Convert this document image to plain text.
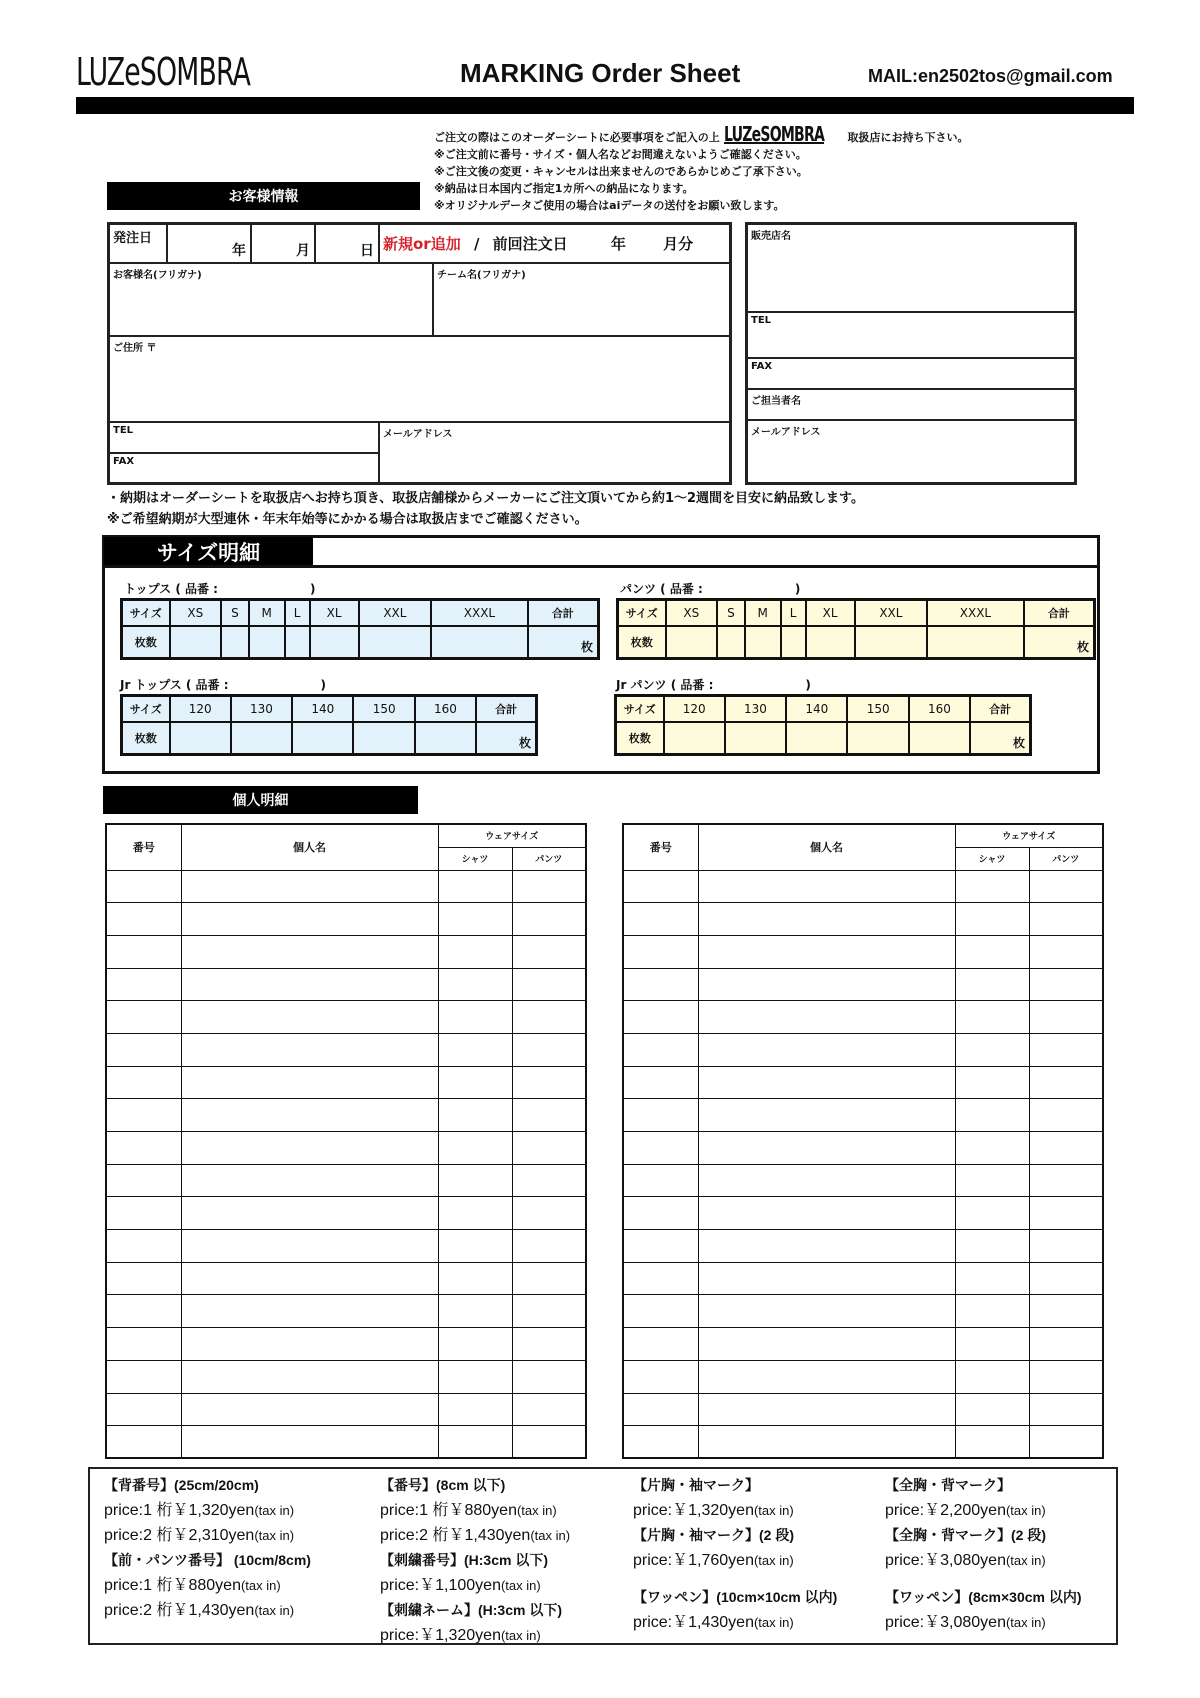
LUZeSOMBRA	MARKING Order Sheet	MAIL:en2502tos@gmail.com
ご注文の際はこのオーダーシートに必要事項をご記入の上 LUZeSOMBRA 取扱店にお持ち下さい。
※ご注文前に番号・サイズ・個人名などお間違えないようご確認ください。
※ご注文後の変更・キャンセルは出来ませんのであらかじめご了承下さい。
※納品は日本国内ご指定1カ所への納品になります。
※オリジナルデータご使用の場合はaiデータの送付をお願い致します。
お客様情報
発注日
年	月	日 新規or追加 / 前回注文日	年 月分
お客様名(フリガナ)	チーム名(フリガナ)
ご住所 〒
TEL
FAX
メールアドレス
販売店名
TEL
FAX
ご担当者名
メールアドレス
・納期はオーダーシートを取扱店へお持ち頂き、取扱店舗様からメーカーにご注文頂いてから約1～2週間を目安に納品致します。
※ご希望納期が大型連休・年末年始等にかかる場合は取扱店までご確認ください。
サイズ明細
トップス ( 品番 :	)
サイズ	XS	S	M	L	XL	XXL	XXXL	合計
枚数								枚
パンツ ( 品番 :	)
サイズ	XS	S	M	L	XL	XXL	XXXL	合計
枚数								枚
Jr トップス ( 品番 :	)
サイズ	120	130	140	150	160	合計
枚数						枚
Jr パンツ ( 品番 :	)
サイズ	120	130	140	150	160	合計
枚数						枚
個人明細
番号	個人名	ウェアサイズ	
		シャツ	パンツ

番号	個人名	ウェアサイズ	
		シャツ	パンツ

【背番号】(25cm/20cm)
price:1 桁￥1,320yen(tax in)
price:2 桁￥2,310yen(tax in)
【前・パンツ番号】 (10cm/8cm)
price:1 桁￥880yen(tax in)
price:2 桁￥1,430yen(tax in)
【番号】(8cm 以下)
price:1 桁￥880yen(tax in)
price:2 桁￥1,430yen(tax in)
【刺繍番号】(H:3cm 以下)
price:￥1,100yen(tax in)
【刺繍ネーム】(H:3cm 以下)
price:￥1,320yen(tax in)
【片胸・袖マーク】
price:￥1,320yen(tax in)
【片胸・袖マーク】(2 段)
price:￥1,760yen(tax in)
【ワッペン】(10cm×10cm 以内)
price:￥1,430yen(tax in)
【全胸・背マーク】
price:￥2,200yen(tax in)
【全胸・背マーク】(2 段)
price:￥3,080yen(tax in)
【ワッペン】(8cm×30cm 以内)
price:￥3,080yen(tax in)
